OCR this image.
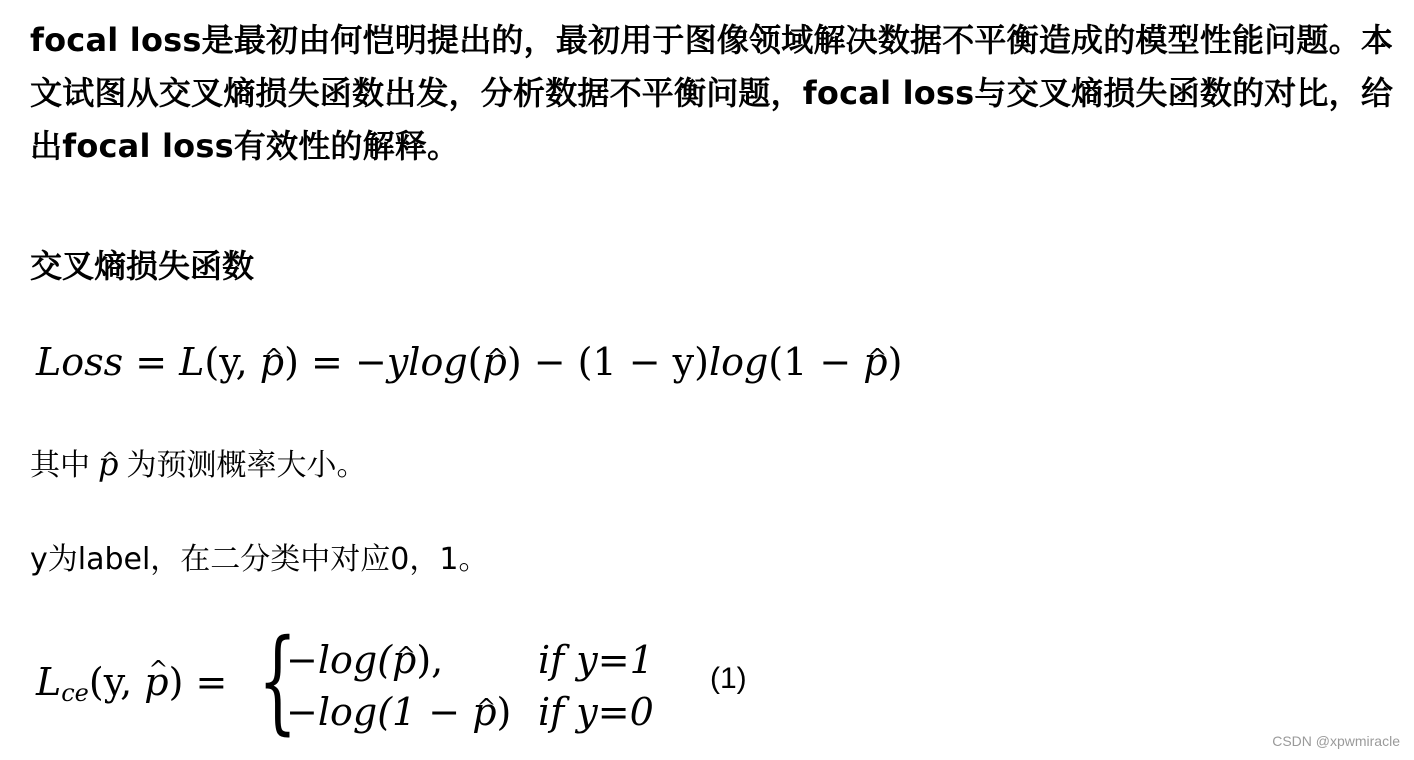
focal loss是最初由何恺明提出的，最初用于图像领域解决数据不平衡造成的模型性能问题。本文试图从交叉熵损失函数出发，分析数据不平衡问题，focal loss与交叉熵损失函数的对比，给出focal loss有效性的解释。
交叉熵损失函数
Loss = L(y, p ^) = −ylog(p ^) − (1 − y)log(1 − p ^)
其中 p ^ 为预测概率大小。
y为label，在二分类中对应0，1。
$L_{ce}(y$, p ^) = {
−log(p ^), if y=1
−log(1 − p ^) if y=0
(1)
CSDN @xpwmiracle
